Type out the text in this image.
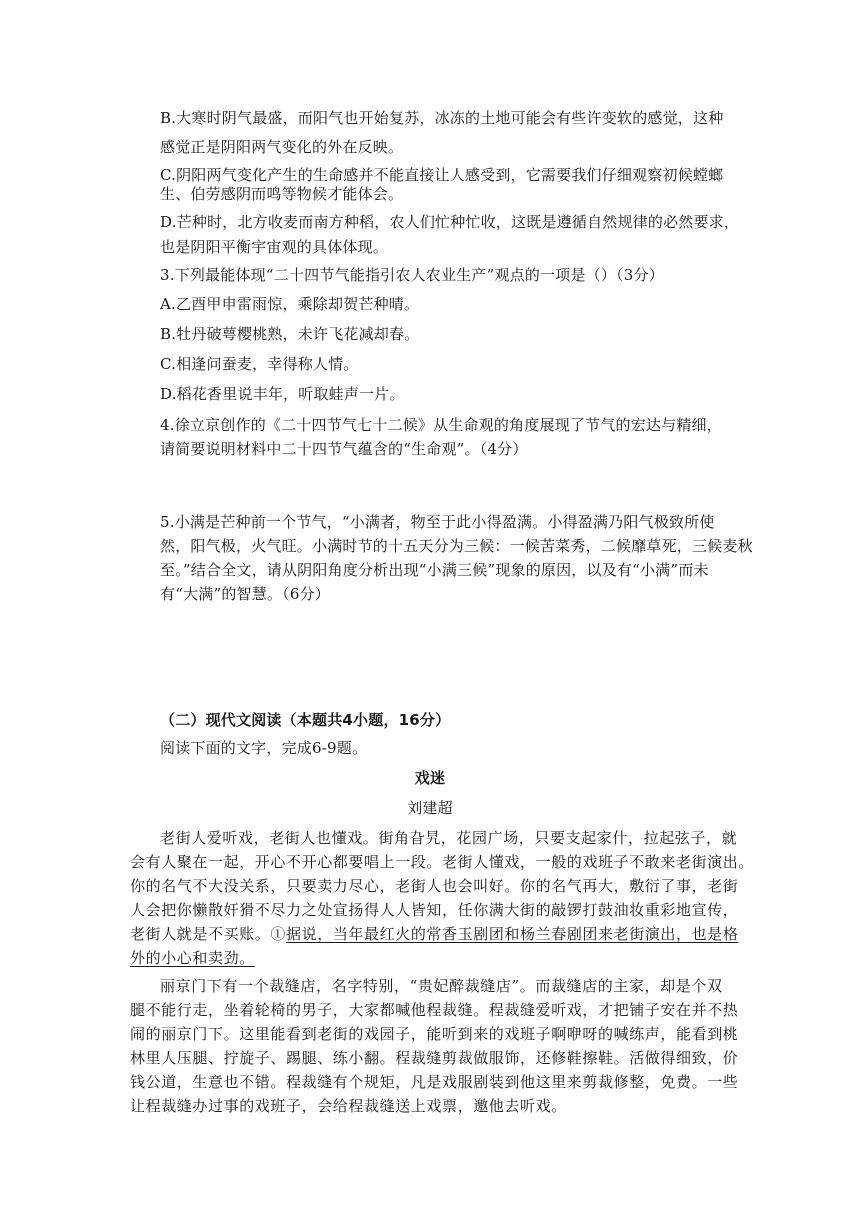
B.大寒时阴气最盛，而阳气也开始复苏，冰冻的土地可能会有些许变软的感觉，这种
感觉正是阴阳两气变化的外在反映。
C.阴阳两气变化产生的生命感并不能直接让人感受到，它需要我们仔细观察初候螳螂
生、伯劳感阴而鸣等物候才能体会。
D.芒种时，北方收麦而南方种稻，农人们忙种忙收，这既是遵循自然规律的必然要求，
也是阴阳平衡宇宙观的具体体现。
3.下列最能体现“二十四节气能指引农人农业生产”观点的一项是（）（3分）
A.乙酉甲申雷雨惊，乘除却贺芒种晴。
B.牡丹破萼樱桃熟，未许飞花减却春。
C.相逢问蚕麦，幸得称人情。
D.稻花香里说丰年，听取蛙声一片。
4.徐立京创作的《二十四节气七十二候》从生命观的角度展现了节气的宏达与精细，
请简要说明材料中二十四节气蕴含的“生命观”。（4分）
5.小满是芒种前一个节气，“小满者，物至于此小得盈满。小得盈满乃阳气极致所使
然，阳气极，火气旺。小满时节的十五天分为三候：一候苦菜秀，二候靡草死，三候麦秋
至。”结合全文，请从阴阳角度分析出现“小满三候”现象的原因，以及有“小满”而未
有“大满”的智慧。（6分）
（二）现代文阅读（本题共4小题，16分）
阅读下面的文字，完成6-9题。
戏迷
刘建超
老街人爱听戏，老街人也懂戏。街角旮旯，花园广场，只要支起家什，拉起弦子，就
会有人聚在一起，开心不开心都要唱上一段。老街人懂戏，一般的戏班子不敢来老街演出。
你的名气不大没关系，只要卖力尽心，老街人也会叫好。你的名气再大，敷衍了事，老街
人会把你懒散奸猾不尽力之处宣扬得人人皆知，任你满大街的敲锣打鼓油妆重彩地宣传，
老街人就是不买账。①据说，当年最红火的常香玉剧团和杨兰春剧团来老街演出，也是格
外的小心和卖劲。
丽京门下有一个裁缝店，名字特别，“贵妃醉裁缝店”。而裁缝店的主家，却是个双
腿不能行走，坐着轮椅的男子，大家都喊他程裁缝。程裁缝爱听戏，才把铺子安在并不热
闹的丽京门下。这里能看到老街的戏园子，能听到来的戏班子啊咿呀的喊练声，能看到桃
林里人压腿、拧旋子、踢腿、练小翻。程裁缝剪裁做服饰，还修鞋擦鞋。活做得细致，价
钱公道，生意也不错。程裁缝有个规矩，凡是戏服剧装到他这里来剪裁修整，免费。一些
让程裁缝办过事的戏班子，会给程裁缝送上戏票，邀他去听戏。
